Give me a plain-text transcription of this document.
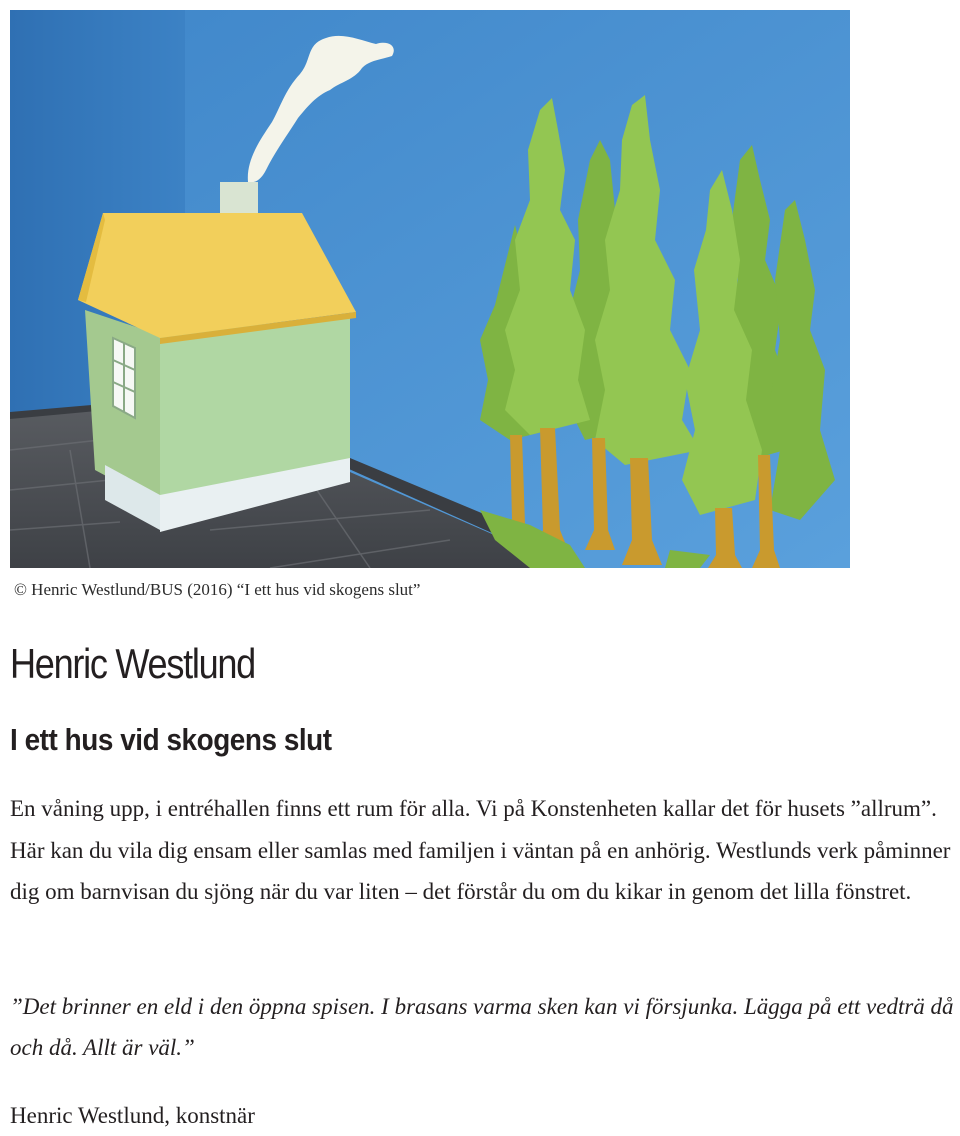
© Henric Westlund/BUS (2016) “I ett hus vid skogens slut”
Henric Westlund
I ett hus vid skogens slut

En våning upp, i entréhallen finns ett rum för alla. Vi på Konstenheten kallar det för husets ”allrum”. Här kan du vila dig ensam eller samlas med familjen i väntan på en anhörig. Westlunds verk påminner dig om barnvisan du sjöng när du var liten – det förstår du om du kikar in genom det lilla fönstret.

”Det brinner en eld i den öppna spisen. I brasans varma sken kan vi försjunka. Lägga på ett vedträ då och då. Allt är väl.”

Henric Westlund, konstnär
